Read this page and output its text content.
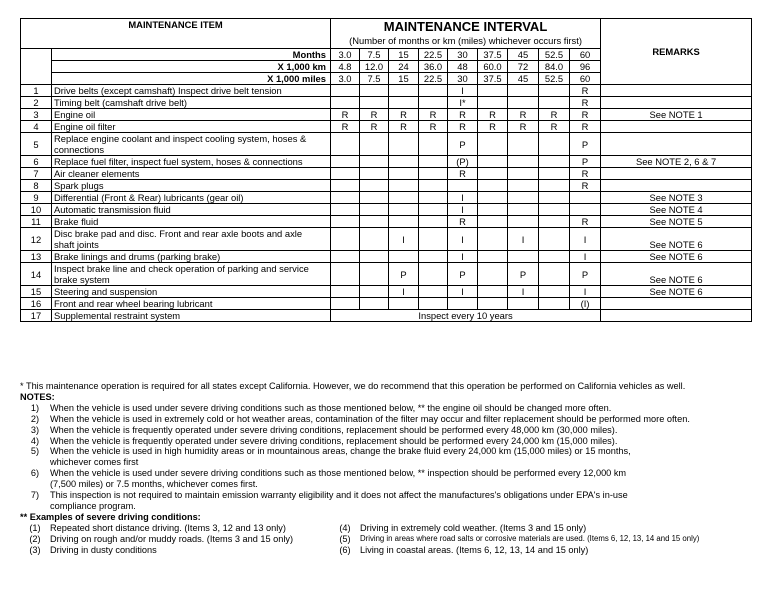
MAINTENANCE ITEM		MAINTENANCE INTERVAL
(Number of months or km (miles) whichever occurs first)									REMARKS
	Months	3.0	7.5	15	22.5	30	37.5	45	52.5	60	
	X 1,000 km	4.8	12.0	24	36.0	48	60.0	72	84.0	96	
	X 1,000 miles	3.0	7.5	15	22.5	30	37.5	45	52.5	60	
1	Drive belts (except camshaft) Inspect drive belt tension					I				R	
2	Timing belt (camshaft drive belt)					I*				R	
3	Engine oil	R	R	R	R	R	R	R	R	R	See NOTE 1
4	Engine oil filter	R	R	R	R	R	R	R	R	R	
5	Replace engine coolant and inspect cooling system, hoses &
connections					P				P	
6	Replace fuel filter, inspect fuel system, hoses & connections					(P)				P	See NOTE 2, 6 & 7
7	Air cleaner elements					R				R	
8	Spark plugs									R	
9	Differential (Front & Rear) lubricants (gear oil)					I					See NOTE 3
10	Automatic transmission fluid					I					See NOTE 4
11	Brake fluid					R				R	See NOTE 5
12	Disc brake pad and disc. Front and rear axle boots and axle
shaft joints			I		I		I		I	See NOTE 6
13	Brake linings and drums (parking brake)					I				I	See NOTE 6
14	Inspect brake line and check operation of parking and service
brake system			P		P		P		P	See NOTE 6
15	Steering and suspension			I		I		I		I	See NOTE 6
16	Front and rear wheel bearing lubricant									(I)	
17	Supplemental restraint system	Inspect every 10 years									
* This maintenance operation is required for all states except California. However, we do recommend that this operation be performed on California vehicles as well.
NOTES:
1)	When the vehicle is used under severe driving conditions such as those mentioned below, ** the engine oil should be changed more often.
2)	When the vehicle is used in extremely cold or hot weather areas, contamination of the filter may occur and filter replacement should be performed more often.
3)	When the vehicle is frequently operated under severe driving conditions, replacement should be performed every 48,000 km (30,000 miles).
4)	When the vehicle is frequently operated under severe driving conditions, replacement should be performed every 24,000 km (15,000 miles).
5)	When the vehicle is used in high humidity areas or in mountainous areas, change the brake fluid every 24,000 km (15,000 miles) or 15 months,
whichever comes first
6)	When the vehicle is used under severe driving conditions such as those mentioned below, ** inspection should be performed every 12,000 km
(7,500 miles) or 7.5 months, whichever comes first.
7)	This inspection is not required to maintain emission warranty eligibility and it does not affect the manufactures's obligations under EPA's in-use
compliance program.
** Examples of severe driving conditions:
(1)	Repeated short distance driving. (Items 3, 12 and 13 only)
(2)	Driving on rough and/or muddy roads. (Items 3 and 15 only)
(3)	Driving in dusty conditions
(4)	Driving in extremely cold weather. (Items 3 and 15 only)
(5)	Driving in areas where road salts or corrosive materials are used. (Items 6, 12, 13, 14 and 15 only)
(6)	Living in coastal areas. (Items 6, 12, 13, 14 and 15 only)
